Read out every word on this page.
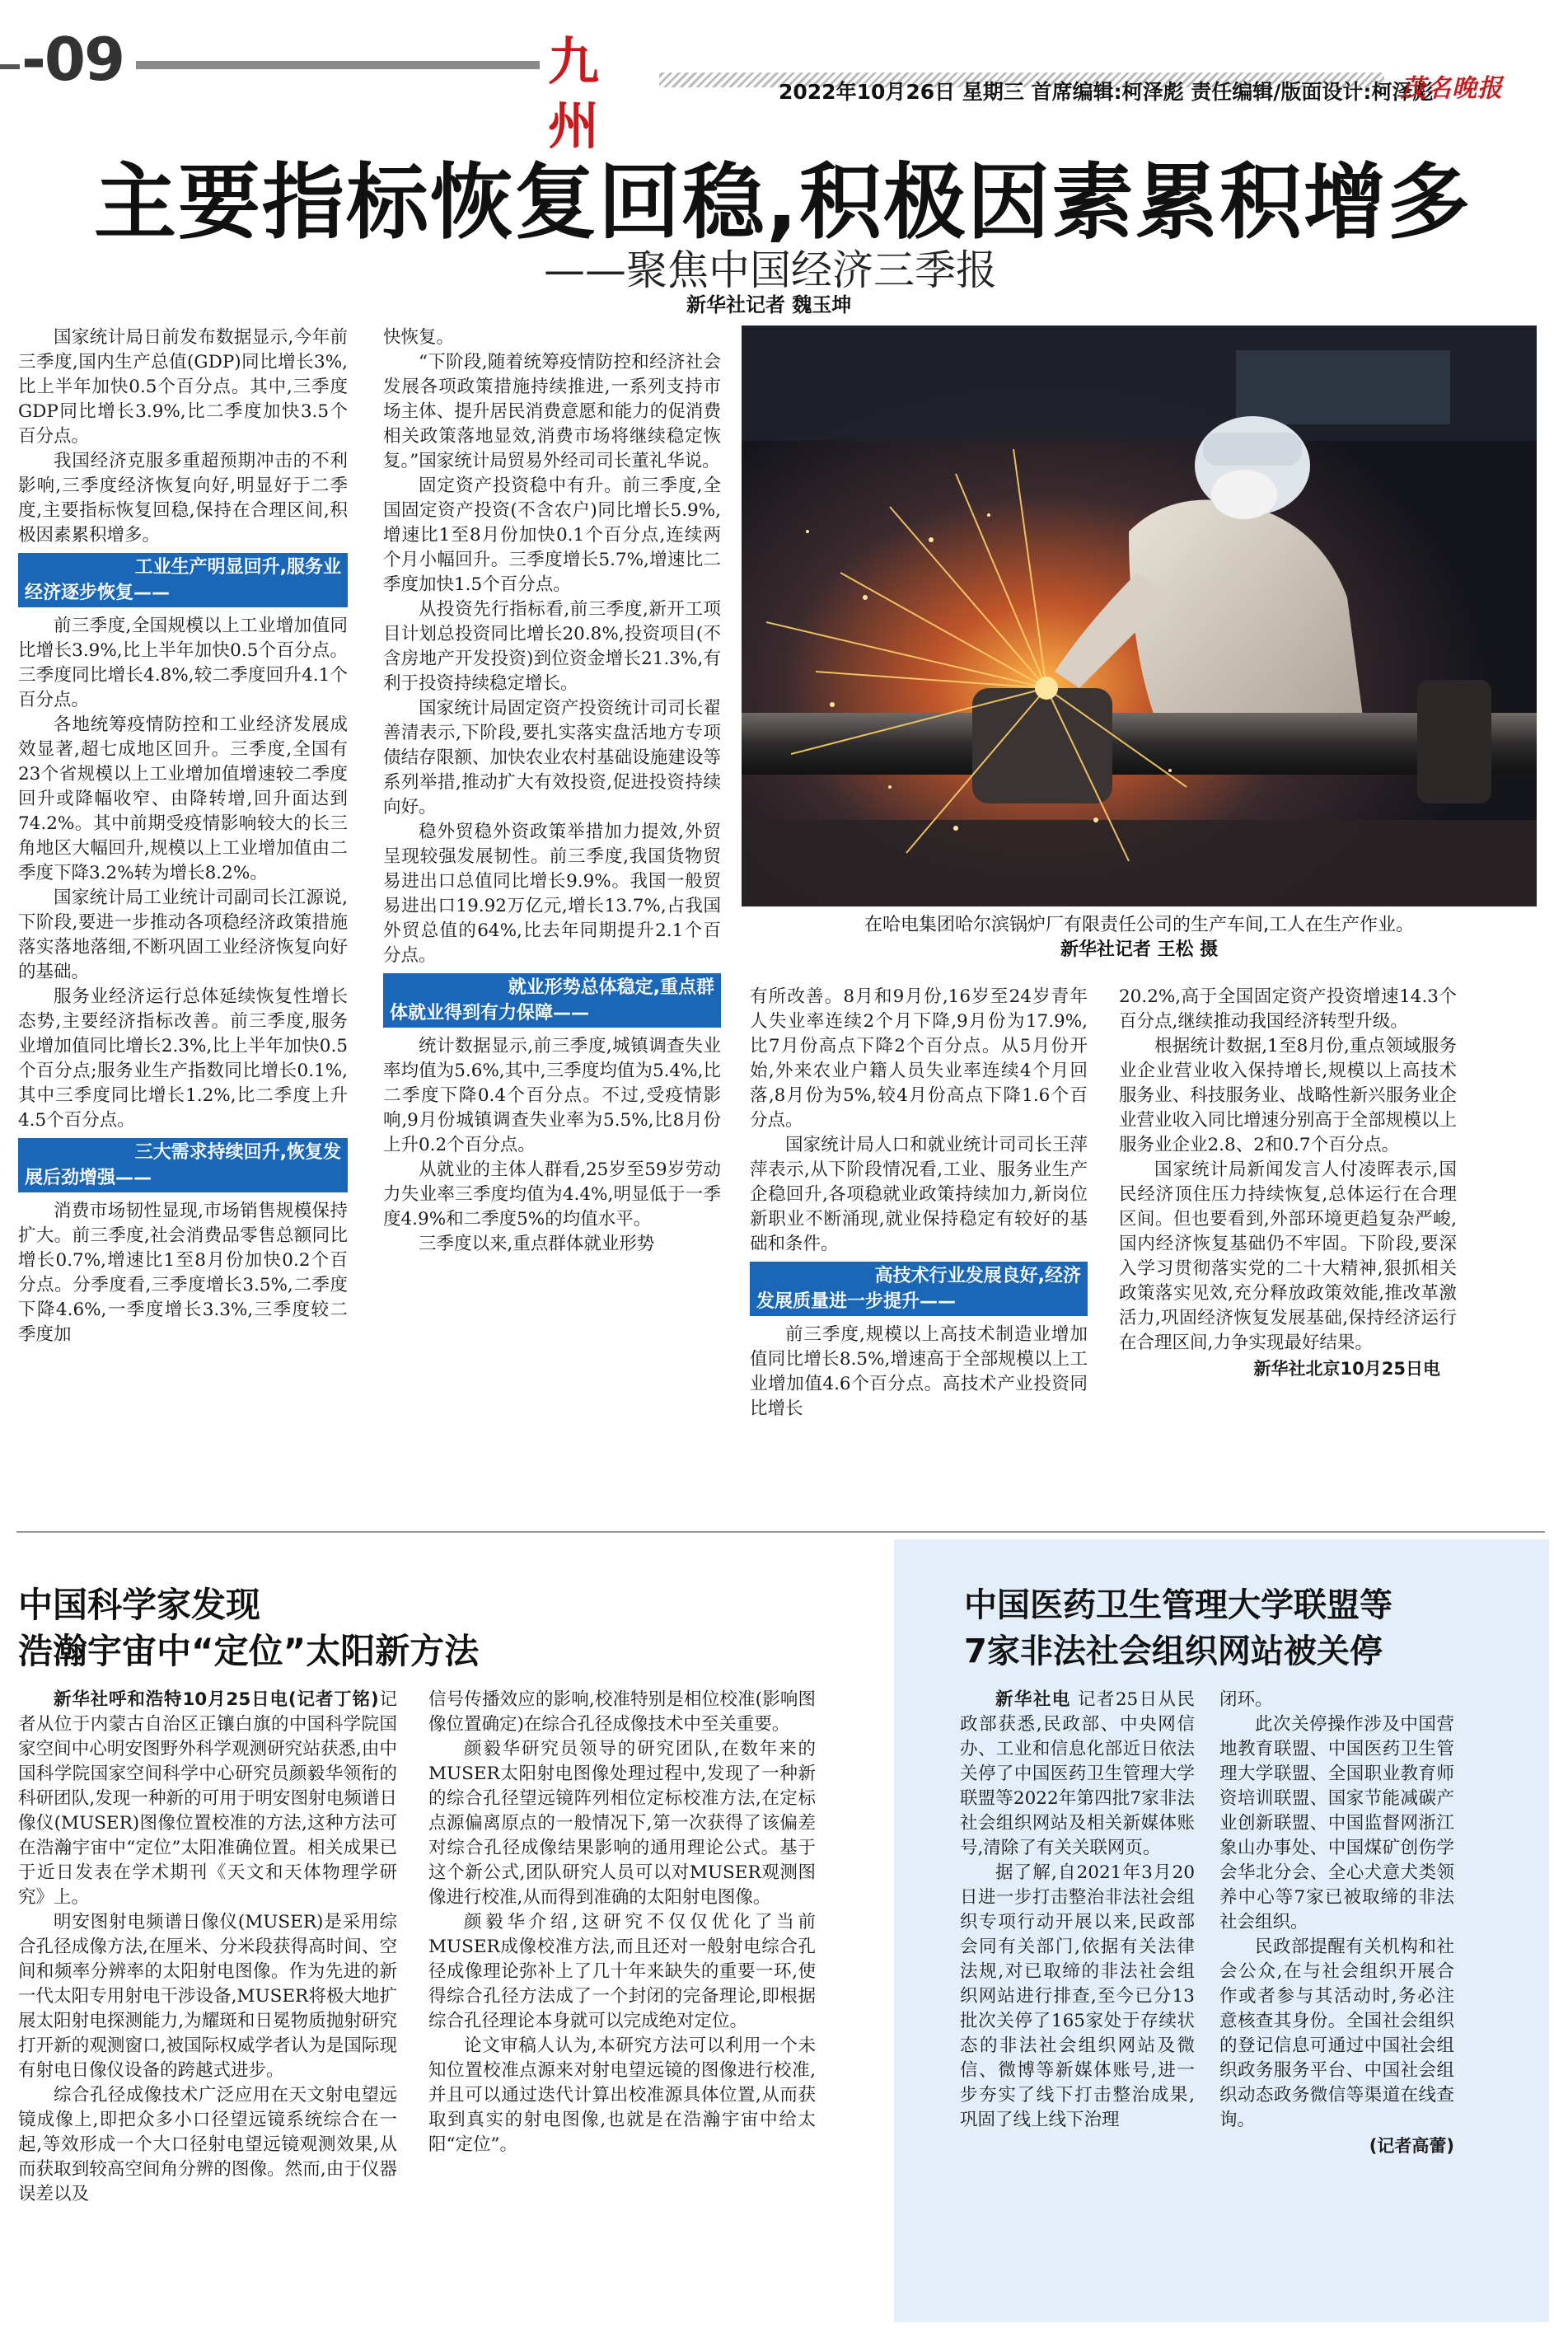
-09	九州
2022年10月26日 星期三 首席编辑:柯泽彪 责任编辑/版面设计:柯泽彪
茂名晚报
主要指标恢复回稳,积极因素累积增多
——聚焦中国经济三季报
新华社记者 魏玉坤

国家统计局日前发布数据显示,今年前三季度,国内生产总值(GDP)同比增长3%,比上半年加快0.5个百分点。其中,三季度GDP同比增长3.9%,比二季度加快3.5个百分点。

我国经济克服多重超预期冲击的不利影响,三季度经济恢复向好,明显好于二季度,主要指标恢复回稳,保持在合理区间,积极因素累积增多。

工业生产明显回升,服务业
经济逐步恢复——

前三季度,全国规模以上工业增加值同比增长3.9%,比上半年加快0.5个百分点。三季度同比增长4.8%,较二季度回升4.1个百分点。

各地统筹疫情防控和工业经济发展成效显著,超七成地区回升。三季度,全国有23个省规模以上工业增加值增速较二季度回升或降幅收窄、由降转增,回升面达到74.2%。其中前期受疫情影响较大的长三角地区大幅回升,规模以上工业增加值由二季度下降3.2%转为增长8.2%。

国家统计局工业统计司副司长江源说,下阶段,要进一步推动各项稳经济政策措施落实落地落细,不断巩固工业经济恢复向好的基础。

服务业经济运行总体延续恢复性增长态势,主要经济指标改善。前三季度,服务业增加值同比增长2.3%,比上半年加快0.5个百分点;服务业生产指数同比增长0.1%,其中三季度同比增长1.2%,比二季度上升4.5个百分点。

三大需求持续回升,恢复发
展后劲增强——

消费市场韧性显现,市场销售规模保持扩大。前三季度,社会消费品零售总额同比增长0.7%,增速比1至8月份加快0.2个百分点。分季度看,三季度增长3.5%,二季度下降4.6%,一季度增长3.3%,三季度较二季度加

快恢复。

“下阶段,随着统筹疫情防控和经济社会发展各项政策措施持续推进,一系列支持市场主体、提升居民消费意愿和能力的促消费相关政策落地显效,消费市场将继续稳定恢复。”国家统计局贸易外经司司长董礼华说。

固定资产投资稳中有升。前三季度,全国固定资产投资(不含农户)同比增长5.9%,增速比1至8月份加快0.1个百分点,连续两个月小幅回升。三季度增长5.7%,增速比二季度加快1.5个百分点。

从投资先行指标看,前三季度,新开工项目计划总投资同比增长20.8%,投资项目(不含房地产开发投资)到位资金增长21.3%,有利于投资持续稳定增长。

国家统计局固定资产投资统计司司长翟善清表示,下阶段,要扎实落实盘活地方专项债结存限额、加快农业农村基础设施建设等系列举措,推动扩大有效投资,促进投资持续向好。

稳外贸稳外资政策举措加力提效,外贸呈现较强发展韧性。前三季度,我国货物贸易进出口总值同比增长9.9%。我国一般贸易进出口19.92万亿元,增长13.7%,占我国外贸总值的64%,比去年同期提升2.1个百分点。

就业形势总体稳定,重点群
体就业得到有力保障——

统计数据显示,前三季度,城镇调查失业率均值为5.6%,其中,三季度均值为5.4%,比二季度下降0.4个百分点。不过,受疫情影响,9月份城镇调查失业率为5.5%,比8月份上升0.2个百分点。

从就业的主体人群看,25岁至59岁劳动力失业率三季度均值为4.4%,明显低于一季度4.9%和二季度5%的均值水平。

三季度以来,重点群体就业形势

在哈电集团哈尔滨锅炉厂有限责任公司的生产车间,工人在生产作业。
新华社记者 王松 摄

有所改善。8月和9月份,16岁至24岁青年人失业率连续2个月下降,9月份为17.9%,比7月份高点下降2个百分点。从5月份开始,外来农业户籍人员失业率连续4个月回落,8月份为5%,较4月份高点下降1.6个百分点。

国家统计局人口和就业统计司司长王萍萍表示,从下阶段情况看,工业、服务业生产企稳回升,各项稳就业政策持续加力,新岗位新职业不断涌现,就业保持稳定有较好的基础和条件。

高技术行业发展良好,经济
发展质量进一步提升——

前三季度,规模以上高技术制造业增加值同比增长8.5%,增速高于全部规模以上工业增加值4.6个百分点。高技术产业投资同比增长

20.2%,高于全国固定资产投资增速14.3个百分点,继续推动我国经济转型升级。

根据统计数据,1至8月份,重点领域服务业企业营业收入保持增长,规模以上高技术服务业、科技服务业、战略性新兴服务业企业营业收入同比增速分别高于全部规模以上服务业企业2.8、2和0.7个百分点。

国家统计局新闻发言人付凌晖表示,国民经济顶住压力持续恢复,总体运行在合理区间。但也要看到,外部环境更趋复杂严峻,国内经济恢复基础仍不牢固。下阶段,要深入学习贯彻落实党的二十大精神,狠抓相关政策落实见效,充分释放政策效能,推改革激活力,巩固经济恢复发展基础,保持经济运行在合理区间,力争实现最好结果。

新华社北京10月25日电

中国科学家发现
浩瀚宇宙中“定位”太阳新方法

新华社呼和浩特10月25日电(记者丁铭)记者从位于内蒙古自治区正镶白旗的中国科学院国家空间中心明安图野外科学观测研究站获悉,由中国科学院国家空间科学中心研究员颜毅华领衔的科研团队,发现一种新的可用于明安图射电频谱日像仪(MUSER)图像位置校准的方法,这种方法可在浩瀚宇宙中“定位”太阳准确位置。相关成果已于近日发表在学术期刊《天文和天体物理学研究》上。

明安图射电频谱日像仪(MUSER)是采用综合孔径成像方法,在厘米、分米段获得高时间、空间和频率分辨率的太阳射电图像。作为先进的新一代太阳专用射电干涉设备,MUSER将极大地扩展太阳射电探测能力,为耀斑和日冕物质抛射研究打开新的观测窗口,被国际权威学者认为是国际现有射电日像仪设备的跨越式进步。

综合孔径成像技术广泛应用在天文射电望远镜成像上,即把众多小口径望远镜系统综合在一起,等效形成一个大口径射电望远镜观测效果,从而获取到较高空间角分辨的图像。然而,由于仪器误差以及

信号传播效应的影响,校准特别是相位校准(影响图像位置确定)在综合孔径成像技术中至关重要。

颜毅华研究员领导的研究团队,在数年来的MUSER太阳射电图像处理过程中,发现了一种新的综合孔径望远镜阵列相位定标校准方法,在定标点源偏离原点的一般情况下,第一次获得了该偏差对综合孔径成像结果影响的通用理论公式。基于这个新公式,团队研究人员可以对MUSER观测图像进行校准,从而得到准确的太阳射电图像。

颜毅华介绍,这研究不仅仅优化了当前MUSER成像校准方法,而且还对一般射电综合孔径成像理论弥补上了几十年来缺失的重要一环,使得综合孔径方法成了一个封闭的完备理论,即根据综合孔径理论本身就可以完成绝对定位。

论文审稿人认为,本研究方法可以利用一个未知位置校准点源来对射电望远镜的图像进行校准,并且可以通过迭代计算出校准源具体位置,从而获取到真实的射电图像,也就是在浩瀚宇宙中给太阳“定位”。

中国医药卫生管理大学联盟等
7家非法社会组织网站被关停

新华社电 记者25日从民政部获悉,民政部、中央网信办、工业和信息化部近日依法关停了中国医药卫生管理大学联盟等2022年第四批7家非法社会组织网站及相关新媒体账号,清除了有关关联网页。

据了解,自2021年3月20日进一步打击整治非法社会组织专项行动开展以来,民政部会同有关部门,依据有关法律法规,对已取缔的非法社会组织网站进行排查,至今已分13批次关停了165家处于存续状态的非法社会组织网站及微信、微博等新媒体账号,进一步夯实了线下打击整治成果,巩固了线上线下治理

闭环。

此次关停操作涉及中国营地教育联盟、中国医药卫生管理大学联盟、全国职业教育师资培训联盟、国家节能减碳产业创新联盟、中国监督网浙江象山办事处、中国煤矿创伤学会华北分会、全心犬意犬类领养中心等7家已被取缔的非法社会组织。

民政部提醒有关机构和社会公众,在与社会组织开展合作或者参与其活动时,务必注意核查其身份。全国社会组织的登记信息可通过中国社会组织政务服务平台、中国社会组织动态政务微信等渠道在线查询。

(记者高蕾)
